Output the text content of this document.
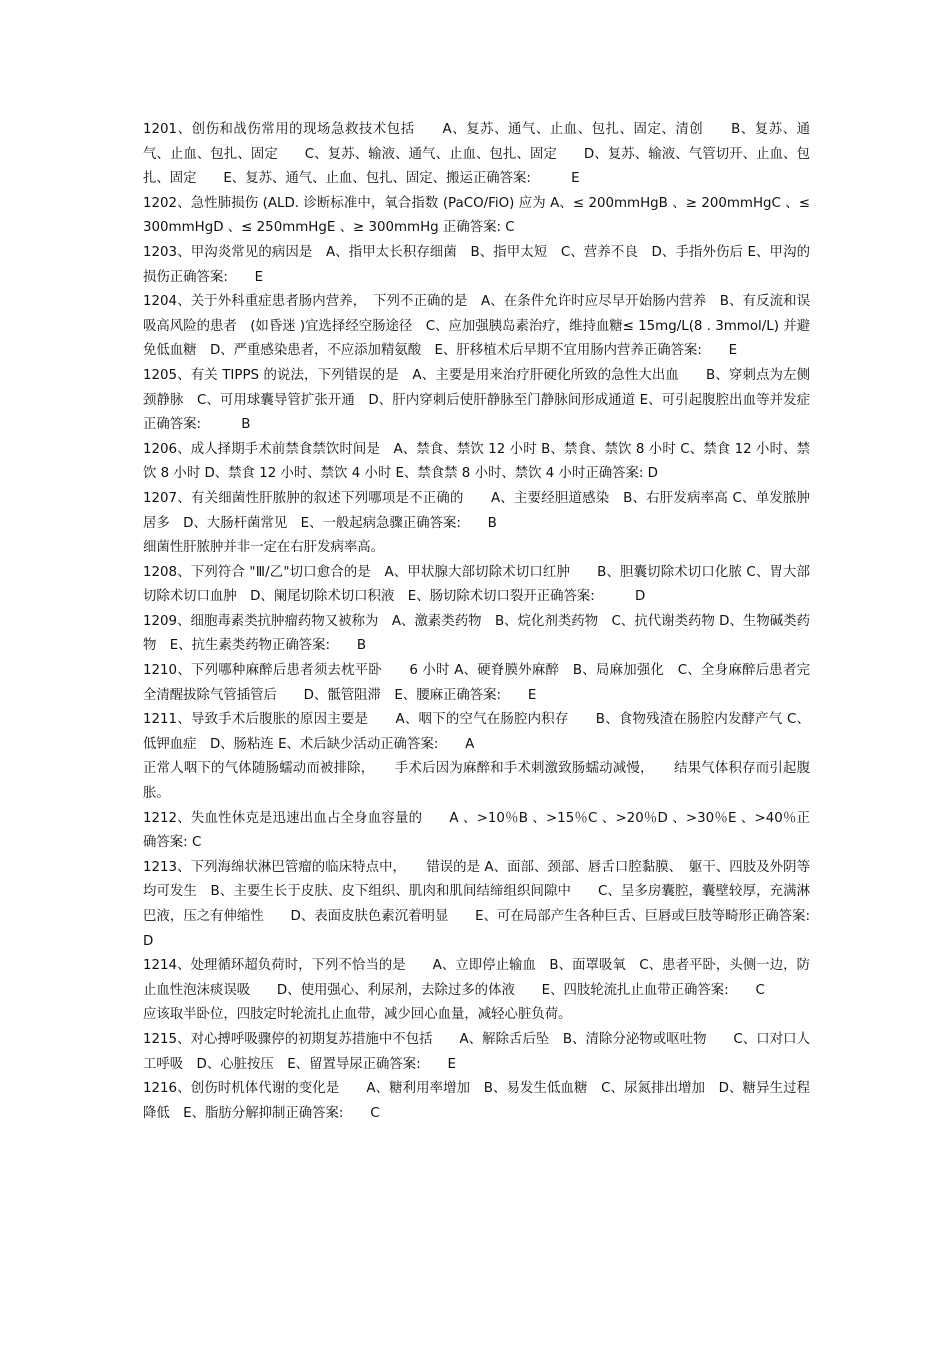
1201、创伤和战伤常用的现场急救技术包括　　A、复苏、通气、止血、包扎、固定、清创　　B、复苏、通气、止血、包扎、固定　　C、复苏、输液、通气、止血、包扎、固定　　D、复苏、输液、气管切开、止血、包扎、固定　　E、复苏、通气、止血、包扎、固定、搬运正确答案:　　　E

1202、急性肺损伤 (ALD. 诊断标准中，氧合指数 (PaCO/FiO) 应为 A、≤ 200mmHgB 、≥ 200mmHgC 、≤ 300mmHgD 、≤ 250mmHgE 、≥ 300mmHg 正确答案: C

1203、甲沟炎常见的病因是　A、指甲太长积存细菌　B、指甲太短　C、营养不良　D、手指外伤后 E、甲沟的损伤正确答案:　　E

1204、关于外科重症患者肠内营养，　下列不正确的是　A、在条件允许时应尽早开始肠内营养　B、有反流和误吸高风险的患者　(如昏迷 )宜选择经空肠途径　C、应加强胰岛素治疗，维持血糖≤ 15mg/L(8 . 3mmol/L) 并避免低血糖　D、严重感染患者，不应添加精氨酸　E、肝移植术后早期不宜用肠内营养正确答案:　　E

1205、有关 TIPPS 的说法，下列错误的是　A、主要是用来治疗肝硬化所致的急性大出血　　B、穿刺点为左侧颈静脉　C、可用球囊导管扩张开通　D、肝内穿刺后使肝静脉至门静脉间形成通道 E、可引起腹腔出血等并发症正确答案:　　　B

1206、成人择期手术前禁食禁饮时间是　A、禁食、禁饮 12 小时 B、禁食、禁饮 8 小时 C、禁食 12 小时、禁饮 8 小时 D、禁食 12 小时、禁饮 4 小时 E、禁食禁 8 小时、禁饮 4 小时正确答案: D

1207、有关细菌性肝脓肿的叙述下列哪项是不正确的　　A、主要经胆道感染　B、右肝发病率高 C、单发脓肿居多　D、大肠杆菌常见　E、一般起病急骤正确答案:　　B

细菌性肝脓肿并非一定在右肝发病率高。

1208、下列符合 "Ⅲ/乙"切口愈合的是　A、甲状腺大部切除术切口红肿　　B、胆囊切除术切口化脓 C、胃大部切除术切口血肿　D、阑尾切除术切口积液　E、肠切除术切口裂开正确答案:　　　D

1209、细胞毒素类抗肿瘤药物又被称为　A、激素类药物　B、烷化剂类药物　C、抗代谢类药物 D、生物碱类药物　E、抗生素类药物正确答案:　　B

1210、下列哪种麻醉后患者须去枕平卧　　6 小时 A、硬脊膜外麻醉　B、局麻加强化　C、全身麻醉后患者完全清醒拔除气管插管后　　D、骶管阻滞　E、腰麻正确答案:　　E

1211、导致手术后腹胀的原因主要是　　A、咽下的空气在肠腔内积存　　B、食物残渣在肠腔内发酵产气 C、低钾血症　D、肠粘连 E、术后缺少活动正确答案:　　A

正常人咽下的气体随肠蠕动而被排除，　　手术后因为麻醉和手术刺激致肠蠕动减慢，　　结果气体积存而引起腹胀。

1212、失血性休克是迅速出血占全身血容量的　　A 、>10％B 、>15％C 、>20％D 、>30％E 、>40％正确答案: C

1213、下列海绵状淋巴管瘤的临床特点中，　　错误的是 A、面部、颈部、唇舌口腔黏膜、　躯干、四肢及外阴等均可发生　B、主要生长于皮肤、皮下组织、肌肉和肌间结缔组织间隙中　　C、呈多房囊腔，囊壁较厚，充满淋巴液，压之有伸缩性　　D、表面皮肤色素沉着明显　　E、可在局部产生各种巨舌、巨唇或巨肢等畸形正确答案:　　　D

1214、处理循环超负荷时，下列不恰当的是　　A、立即停止输血　B、面罩吸氧　C、患者平卧，头侧一边，防止血性泡沫痰误吸　　D、使用强心、利尿剂，去除过多的体液　　E、四肢轮流扎止血带正确答案:　　C

应该取半卧位，四肢定时轮流扎止血带，减少回心血量，减轻心脏负荷。

1215、对心搏呼吸骤停的初期复苏措施中不包括　　A、解除舌后坠　B、清除分泌物或呕吐物　　C、口对口人工呼吸　D、心脏按压　E、留置导尿正确答案:　　E

1216、创伤时机体代谢的变化是　　A、糖利用率增加　B、易发生低血糖　C、尿氮排出增加　D、糖异生过程降低　E、脂肪分解抑制正确答案:　　C
